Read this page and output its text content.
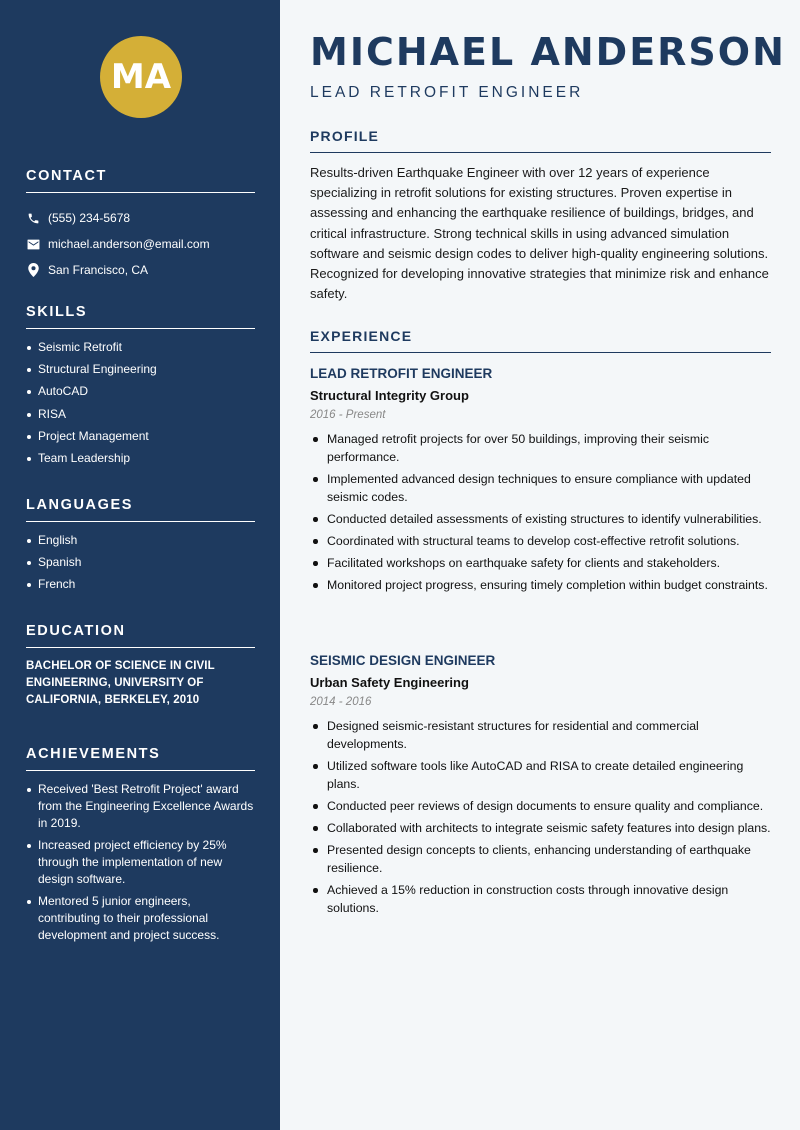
MA
CONTACT
(555) 234-5678
michael.anderson@email.com
San Francisco, CA
SKILLS
Seismic Retrofit
Structural Engineering
AutoCAD
RISA
Project Management
Team Leadership
LANGUAGES
English
Spanish
French
EDUCATION

BACHELOR OF SCIENCE IN CIVIL ENGINEERING, UNIVERSITY OF CALIFORNIA, BERKELEY, 2010

ACHIEVEMENTS
Received 'Best Retrofit Project' award from the Engineering Excellence Awards in 2019.
Increased project efficiency by 25% through the implementation of new design software.
Mentored 5 junior engineers, contributing to their professional development and project success.
MICHAEL ANDERSON
LEAD RETROFIT ENGINEER
PROFILE

Results-driven Earthquake Engineer with over 12 years of experience specializing in retrofit solutions for existing structures. Proven expertise in assessing and enhancing the earthquake resilience of buildings, bridges, and critical infrastructure. Strong technical skills in using advanced simulation software and seismic design codes to deliver high-quality engineering solutions. Recognized for developing innovative strategies that minimize risk and enhance safety.

EXPERIENCE
LEAD RETROFIT ENGINEER
Structural Integrity Group
2016 - Present
Managed retrofit projects for over 50 buildings, improving their seismic performance.
Implemented advanced design techniques to ensure compliance with updated seismic codes.
Conducted detailed assessments of existing structures to identify vulnerabilities.
Coordinated with structural teams to develop cost-effective retrofit solutions.
Facilitated workshops on earthquake safety for clients and stakeholders.
Monitored project progress, ensuring timely completion within budget constraints.
SEISMIC DESIGN ENGINEER
Urban Safety Engineering
2014 - 2016
Designed seismic-resistant structures for residential and commercial developments.
Utilized software tools like AutoCAD and RISA to create detailed engineering plans.
Conducted peer reviews of design documents to ensure quality and compliance.
Collaborated with architects to integrate seismic safety features into design plans.
Presented design concepts to clients, enhancing understanding of earthquake resilience.
Achieved a 15% reduction in construction costs through innovative design solutions.
